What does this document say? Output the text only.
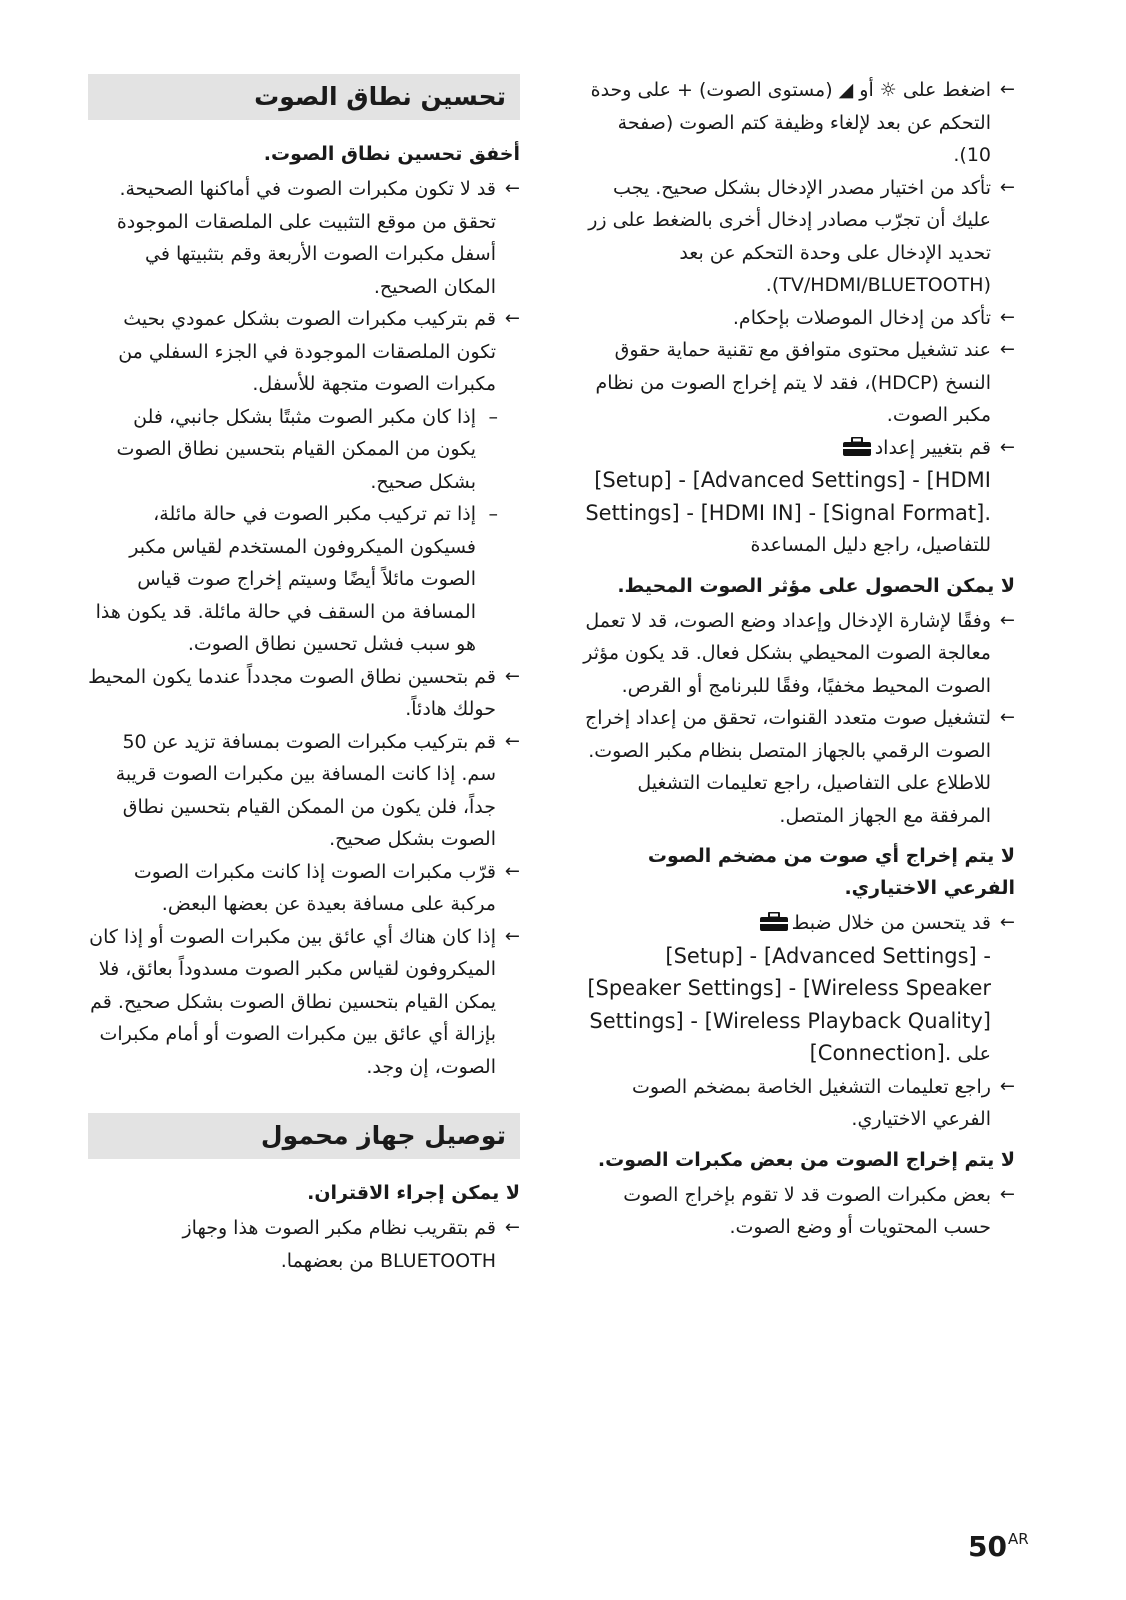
←
اضغط على ☼ أو ◢ (مستوى الصوت) + على وحدة التحكم عن بعد لإلغاء وظيفة كتم الصوت (صفحة 10).
←
تأكد من اختيار مصدر الإدخال بشكل صحيح. يجب عليك أن تجرّب مصادر إدخال أخرى بالضغط على زر تحديد الإدخال على وحدة التحكم عن بعد (TV/HDMI/BLUETOOTH).
←
تأكد من إدخال الموصلات بإحكام.
←
عند تشغيل محتوى متوافق مع تقنية حماية حقوق النسخ (HDCP)، فقد لا يتم إخراج الصوت من نظام مكبر الصوت.
←
قم بتغيير إعداد
[Setup] - [Advanced Settings] - [HDMI Settings] - [HDMI IN] - [Signal Format].
للتفاصيل، راجع دليل المساعدة
لا يمكن الحصول على مؤثر الصوت المحيط.
←
وفقًا لإشارة الإدخال وإعداد وضع الصوت، قد لا تعمل معالجة الصوت المحيطي بشكل فعال. قد يكون مؤثر الصوت المحيط مخفيًا، وفقًا للبرنامج أو القرص.
←
لتشغيل صوت متعدد القنوات، تحقق من إعداد إخراج الصوت الرقمي بالجهاز المتصل بنظام مكبر الصوت. للاطلاع على التفاصيل، راجع تعليمات التشغيل المرفقة مع الجهاز المتصل.
لا يتم إخراج أي صوت من مضخم الصوت الفرعي الاختياري.
←
قد يتحسن من خلال ضبط
[Setup] - [Advanced Settings] - [Speaker Settings] - [Wireless Speaker Settings] - [Wireless Playback Quality]
على [Connection].
←
راجع تعليمات التشغيل الخاصة بمضخم الصوت الفرعي الاختياري.
لا يتم إخراج الصوت من بعض مكبرات الصوت.
←
بعض مكبرات الصوت قد لا تقوم بإخراج الصوت حسب المحتويات أو وضع الصوت.
تحسين نطاق الصوت
أخفق تحسين نطاق الصوت.
←
قد لا تكون مكبرات الصوت في أماكنها الصحيحة. تحقق من موقع التثبيت على الملصقات الموجودة أسفل مكبرات الصوت الأربعة وقم بتثبيتها في المكان الصحيح.
←
قم بتركيب مكبرات الصوت بشكل عمودي بحيث تكون الملصقات الموجودة في الجزء السفلي من مكبرات الصوت متجهة للأسفل.
–
إذا كان مكبر الصوت مثبتًا بشكل جانبي، فلن يكون من الممكن القيام بتحسين نطاق الصوت بشكل صحيح.
–
إذا تم تركيب مكبر الصوت في حالة مائلة، فسيكون الميكروفون المستخدم لقياس مكبر الصوت مائلاً أيضًا وسيتم إخراج صوت قياس المسافة من السقف في حالة مائلة. قد يكون هذا هو سبب فشل تحسين نطاق الصوت.
←
قم بتحسين نطاق الصوت مجدداً عندما يكون المحيط حولك هادئاً.
←
قم بتركيب مكبرات الصوت بمسافة تزيد عن 50 سم. إذا كانت المسافة بين مكبرات الصوت قريبة جداً، فلن يكون من الممكن القيام بتحسين نطاق الصوت بشكل صحيح.
←
قرّب مكبرات الصوت إذا كانت مكبرات الصوت مركبة على مسافة بعيدة عن بعضها البعض.
←
إذا كان هناك أي عائق بين مكبرات الصوت أو إذا كان الميكروفون لقياس مكبر الصوت مسدوداً بعائق، فلا يمكن القيام بتحسين نطاق الصوت بشكل صحيح. قم بإزالة أي عائق بين مكبرات الصوت أو أمام مكبرات الصوت، إن وجد.
توصيل جهاز محمول
لا يمكن إجراء الاقتران.
←
قم بتقريب نظام مكبر الصوت هذا وجهاز BLUETOOTH من بعضهما.
50AR
